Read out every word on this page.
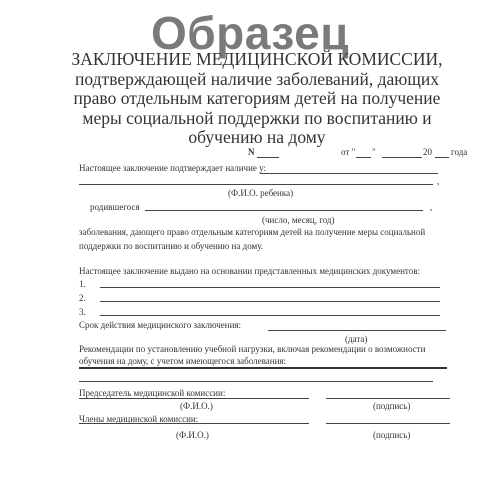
Образец
ЗАКЛЮЧЕНИЕ МЕДИЦИНСКОЙ КОМИССИИ,
подтверждающей наличие заболеваний, дающих
право отдельным категориям детей на получение
меры социальной поддержки по воспитанию и
обучению на дому
N	от " "	20 года
Настоящее заключение подтверждает наличие у:
,
(Ф.И.О. ребенка)
родившегося	,
(число, месяц, год)
заболевания, дающего право отдельным категориям детей на получение меры социальной поддержки по воспитанию и обучению на дому.
Настоящее заключение выдано на основании представленных медицинских документов:
1.
2.
3.
Срок действия медицинского заключения:
(дата)
Рекомендации по установлению учебной нагрузки, включая рекомендации о возможности обучения на дому, с учетом имеющегося заболевания:
Председатель медицинской комиссии:
(Ф.И.О.)	(подпись)
Члены медицинской комиссии:
(Ф.И.О.)	(подпись)
